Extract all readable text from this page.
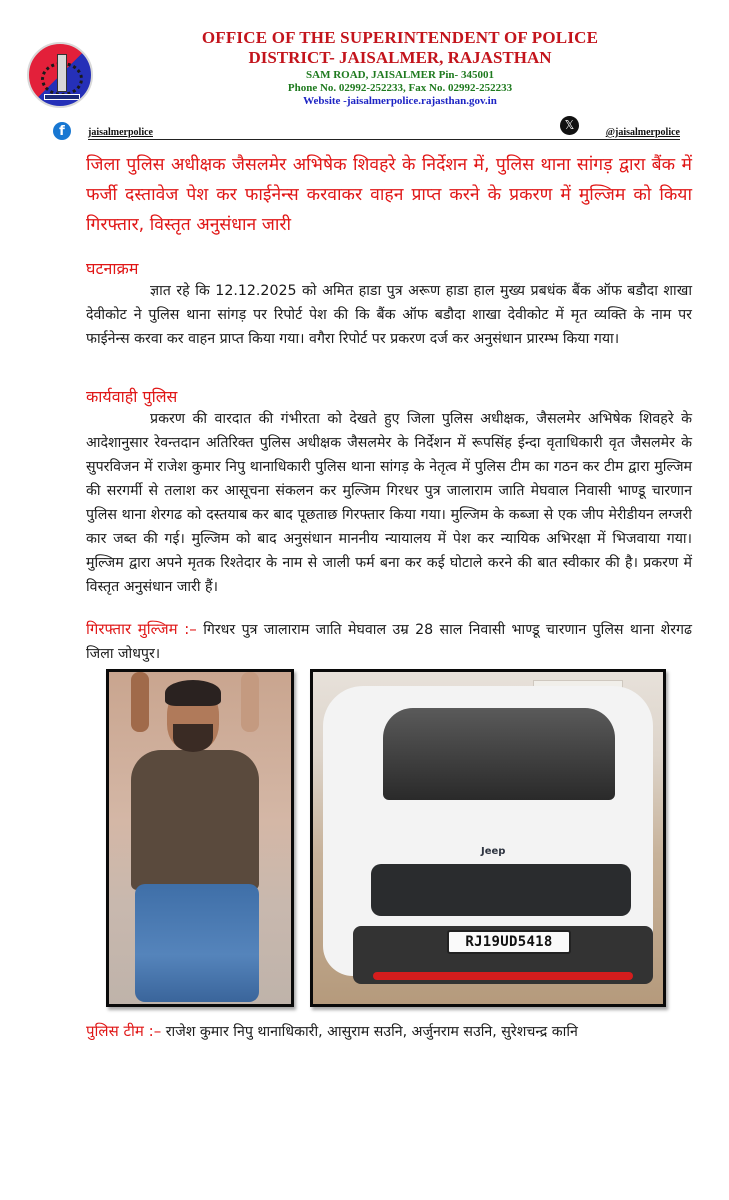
OFFICE OF THE SUPERINTENDENT OF POLICE
DISTRICT- JAISALMER, RAJASTHAN
SAM ROAD, JAISALMER Pin- 345001
Phone No. 02992-252233, Fax No. 02992-252233
Website -jaisalmerpolice.rajasthan.gov.in
f	jaisalmerpolice
𝕏
@jaisalmerpolice
जिला पुलिस अधीक्षक जैसलमेर अभिषेक शिवहरे के निर्देशन में, पुलिस थाना सांगड़ द्वारा बैंक में फर्जी दस्तावेज पेश कर फाईनेन्स करवाकर वाहन प्राप्त करने के प्रकरण में मुल्जिम को किया गिरफ्तार, विस्तृत अनुसंधान जारी
घटनाक्रम
ज्ञात रहे कि 12.12.2025 को अमित हाडा पुत्र अरूण हाडा हाल मुख्य प्रबधंक बैंक ऑफ बडौदा शाखा देवीकोट ने पुलिस थाना सांगड़ पर रिपोर्ट पेश की कि बैंक ऑफ बडौदा शाखा देवीकोट में मृत व्यक्ति के नाम पर फाईनेन्स करवा कर वाहन प्राप्त किया गया। वगैरा रिपोर्ट पर प्रकरण दर्ज कर अनुसंधान प्रारम्भ किया गया।
कार्यवाही पुलिस
प्रकरण की वारदात की गंभीरता को देखते हुए जिला पुलिस अधीक्षक, जैसलमेर अभिषेक शिवहरे के आदेशानुसार रेवन्तदान अतिरिक्त पुलिस अधीक्षक जैसलमेर के निर्देशन में रूपसिंह ईन्दा वृताधिकारी वृत जैसलमेर के सुपरविजन में राजेश कुमार निपु थानाधिकारी पुलिस थाना सांगड़ के नेतृत्व में पुलिस टीम का गठन कर टीम द्वारा मुल्जिम की सरगर्मी से तलाश कर आसूचना संकलन कर मुल्जिम गिरधर पुत्र जालाराम जाति मेघवाल निवासी भाण्डू चारणान पुलिस थाना शेरगढ को दस्तयाब कर बाद पूछताछ गिरफ्तार किया गया। मुल्जिम के कब्जा से एक जीप मेरीडीयन लग्जरी कार जब्त की गई। मुल्जिम को बाद अनुसंधान माननीय न्यायालय में पेश कर न्यायिक अभिरक्षा में भिजवाया गया। मुल्जिम द्वारा अपने मृतक रिश्तेदार के नाम से जाली फर्म बना कर कई घोटाले करने की बात स्वीकार की है। प्रकरण में विस्तृत अनुसंधान जारी हैं।
गिरफ्तार मुल्जिम :– गिरधर पुत्र जालाराम जाति मेघवाल उम्र 28 साल निवासी भाण्डू चारणान पुलिस थाना शेरगढ जिला जोधपुर।
Jeep
RJ19UD5418
पुलिस टीम :– राजेश कुमार निपु थानाधिकारी, आसुराम सउनि, अर्जुनराम सउनि, सुरेशचन्द्र कानि
